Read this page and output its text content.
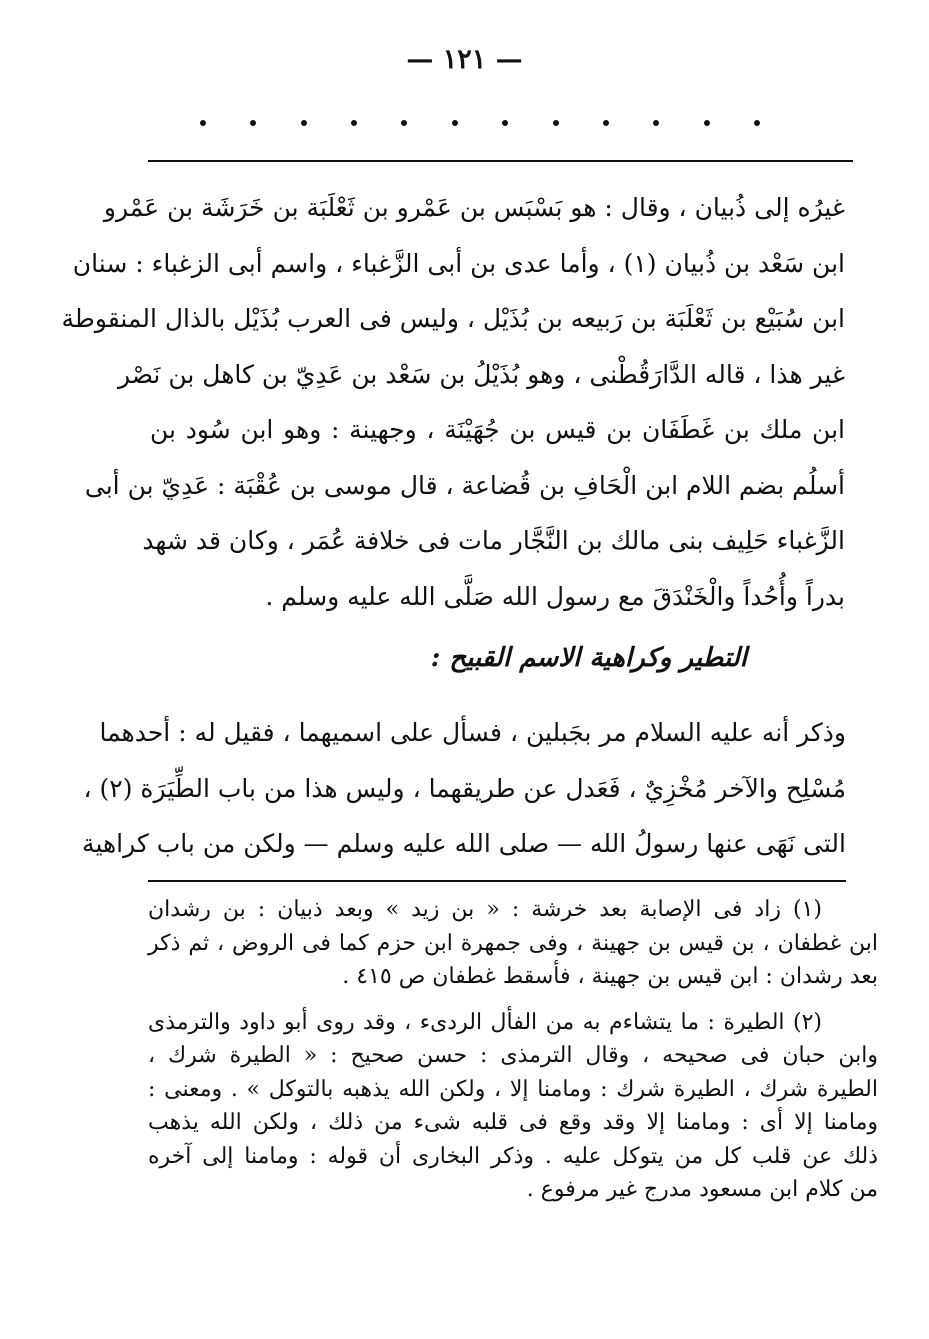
— ١٢١ —
غيرُه إلى ذُبيان ، وقال : هو بَسْبَس بن عَمْرو بن ثَعْلَبَة بن خَرَشَة بن عَمْرو
ابن سَعْد بن ذُبيان (١) ، وأما عدى بن أبى الزَّغباء ، واسم أبى الزغباء : سنان
ابن سُبَيْع بن ثَعْلَبَة بن رَبيعه بن بُذَيْل ، وليس فى العرب بُذَيْل بالذال المنقوطة
غير هذا ، قاله الدَّارَقُطْنى ، وهو بُذَيْلُ بن سَعْد بن عَدِيّ بن كاهل بن نَصْر
ابن ملك بن غَطَفَان بن قيس بن جُهَيْنَة ، وجهينة : وهو ابن سُود بن
أسلُم بضم اللام ابن الْحَافِ بن قُضاعة ، قال موسى بن عُقْبَة : عَدِيّ بن أبى
الزَّغباء حَلِيف بنى مالك بن النَّجَّار مات فى خلافة عُمَر ، وكان قد شهد
بدراً وأُحُداً والْخَنْدَقَ مع رسول الله صَلَّى الله عليه وسلم .
التطير وكراهية الاسم القبيح :
وذكر أنه عليه السلام مر بجَبلين ، فسأل على اسميهما ، فقيل له : أحدهما
مُسْلِح والآخر مُخْزِيٌ ، فَعَدل عن طريقهما ، وليس هذا من باب الطِّيَرَة (٢) ،
التى نَهَى عنها رسولُ الله — صلى الله عليه وسلم — ولكن من باب كراهية
(١) زاد فى الإصابة بعد خرشة : « بن زيد » وبعد ذبيان : بن رشدان
ابن غطفان ، بن قيس بن جهينة ، وفى جمهرة ابن حزم كما فى الروض ، ثم ذكر
بعد رشدان : ابن قيس بن جهينة ، فأسقط غطفان ص ٤١٥ .
(٢) الطيرة : ما يتشاءم به من الفأل الردىء ، وقد روى أبو داود والترمذى
وابن حبان فى صحيحه ، وقال الترمذى : حسن صحيح : « الطيرة شرك ،
الطيرة شرك ، الطيرة شرك : ومامنا إلا ، ولكن الله يذهبه بالتوكل » . ومعنى :
ومامنا إلا أى : ومامنا إلا وقد وقع فى قلبه شىء من ذلك ، ولكن الله يذهب
ذلك عن قلب كل من يتوكل عليه . وذكر البخارى أن قوله : ومامنا إلى آخره
من كلام ابن مسعود مدرج غير مرفوع .
